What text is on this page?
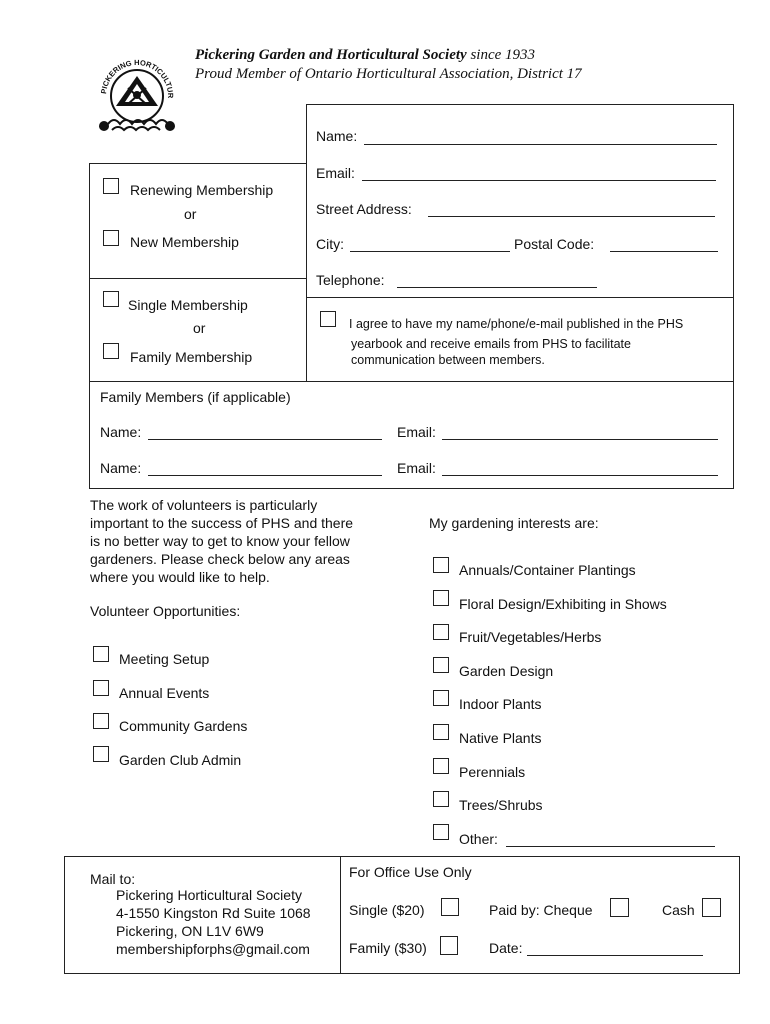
PICKERING HORTICULTUR
Pickering Garden and Horticultural Society since 1933
Proud Member of Ontario Horticultural Association, District 17
Renewing Membership
or
New Membership
Single Membership
or
Family Membership
Name:
Email:
Street Address:
City:	Postal Code:
Telephone:
I agree to have my name/phone/e-mail published in the PHS
yearbook and receive emails from PHS to facilitate
communication between members.
Family Members (if applicable)
Name:	Email:
Name:	Email:
The work of volunteers is particularly
important to the success of PHS and there
is no better way to get to know your fellow
gardeners. Please check below any areas
where you would like to help.
Volunteer Opportunities:
Meeting Setup
Annual Events
Community Gardens
Garden Club Admin
My gardening interests are:
Annuals/Container Plantings
Floral Design/Exhibiting in Shows
Fruit/Vegetables/Herbs
Garden Design
Indoor Plants
Native Plants
Perennials
Trees/Shrubs
Other:
Mail to:
Pickering Horticultural Society
4-1550 Kingston Rd Suite 1068
Pickering, ON L1V 6W9
membershipforphs@gmail.com
For Office Use Only
Single ($20)	Paid by: Cheque	Cash
Family ($30)	Date:
